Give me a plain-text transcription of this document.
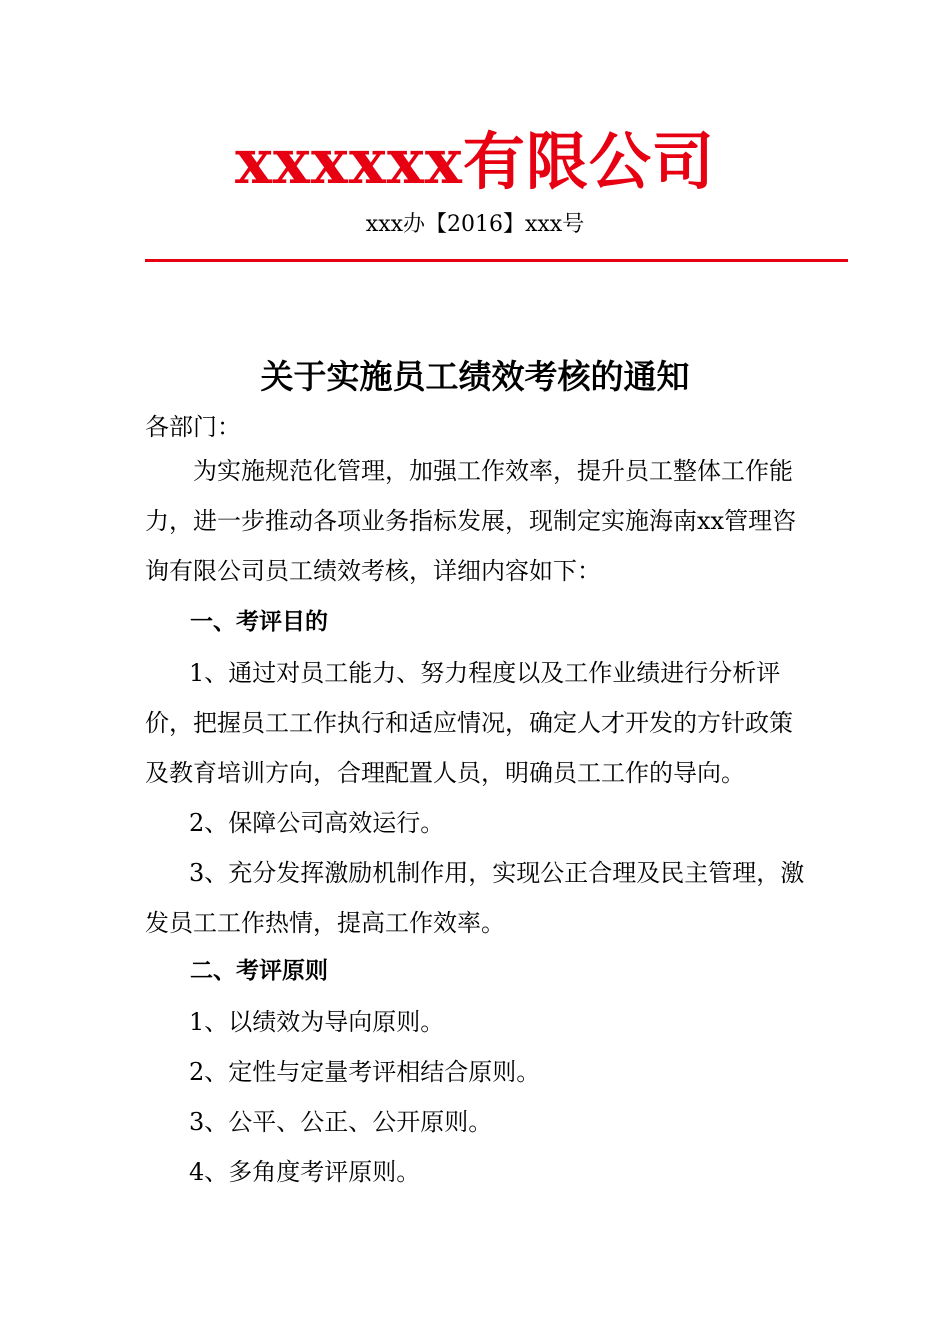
xxxxxx有限公司
xxx办【2016】xxx号
关于实施员工绩效考核的通知
各部门：
为实施规范化管理，加强工作效率，提升员工整体工作能力，进一步推动各项业务指标发展，现制定实施海南xx管理咨询有限公司员工绩效考核，详细内容如下：
一、考评目的
1、通过对员工能力、努力程度以及工作业绩进行分析评价，把握员工工作执行和适应情况，确定人才开发的方针政策及教育培训方向，合理配置人员，明确员工工作的导向。
2、保障公司高效运行。
3、充分发挥激励机制作用，实现公正合理及民主管理，激发员工工作热情，提高工作效率。
二、考评原则
1、以绩效为导向原则。
2、定性与定量考评相结合原则。
3、公平、公正、公开原则。
4、多角度考评原则。
